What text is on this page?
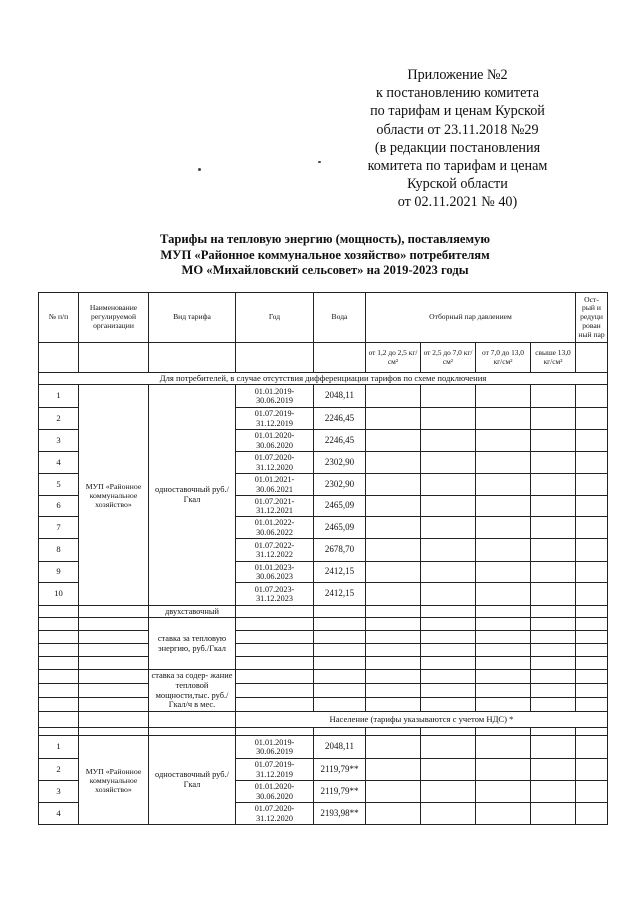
Приложение №2
к постановлению комитета
по тарифам и ценам Курской
области от 23.11.2018 №29
(в редакции постановления
комитета по тарифам и ценам
Курской области
от 02.11.2021 № 40)
Тарифы на тепловую энергию (мощность), поставляемую
МУП «Районное коммунальное хозяйство» потребителям
МО «Михайловский сельсовет» на 2019-2023 годы
№ п/п	Наименование регулируемой организации	Вид тарифа	Год	Вода	Отборный пар давлением				Ост- рый и редуци рован ный пар
					от 1,2 до 2,5 кг/см²	от 2,5 до 7,0 кг/см²	от 7,0 до 13,0 кг/см²	свыше 13,0 кг/см²	
Для потребителей, в случае отсутствия дифференциации тарифов по схеме подключения									
1	МУП «Районное коммунальное хозяйство»	одноставочный руб./Гкал	01.01.2019- 30.06.2019	2048,11					
2			01.07.2019- 31.12.2019	2246,45					
3			01.01.2020- 30.06.2020	2246,45					
4			01.07.2020- 31.12.2020	2302,90					
5			01.01.2021- 30.06.2021	2302,90					
6			01.07.2021- 31.12.2021	2465,09					
7			01.01.2022- 30.06.2022	2465,09					
8			01.07.2022- 31.12.2022	2678,70					
9			01.01.2023- 30.06.2023	2412,15					
10			01.07.2023- 31.12.2023	2412,15					
		двухставочный							
		ставка за тепловую энергию, руб./Гкал							

		ставка за содер- жание тепловой мощности,тыс. руб./Гкал/ч в мес.							

			Население (тарифы указываются с учетом НДС) *						

1	МУП «Районное коммунальное хозяйство»	одноставочный руб./Гкал	01.01.2019- 30.06.2019	2048,11					
2			01.07.2019- 31.12.2019	2119,79**					
3			01.01.2020- 30.06.2020	2119,79**					
4			01.07.2020- 31.12.2020	2193,98**					
